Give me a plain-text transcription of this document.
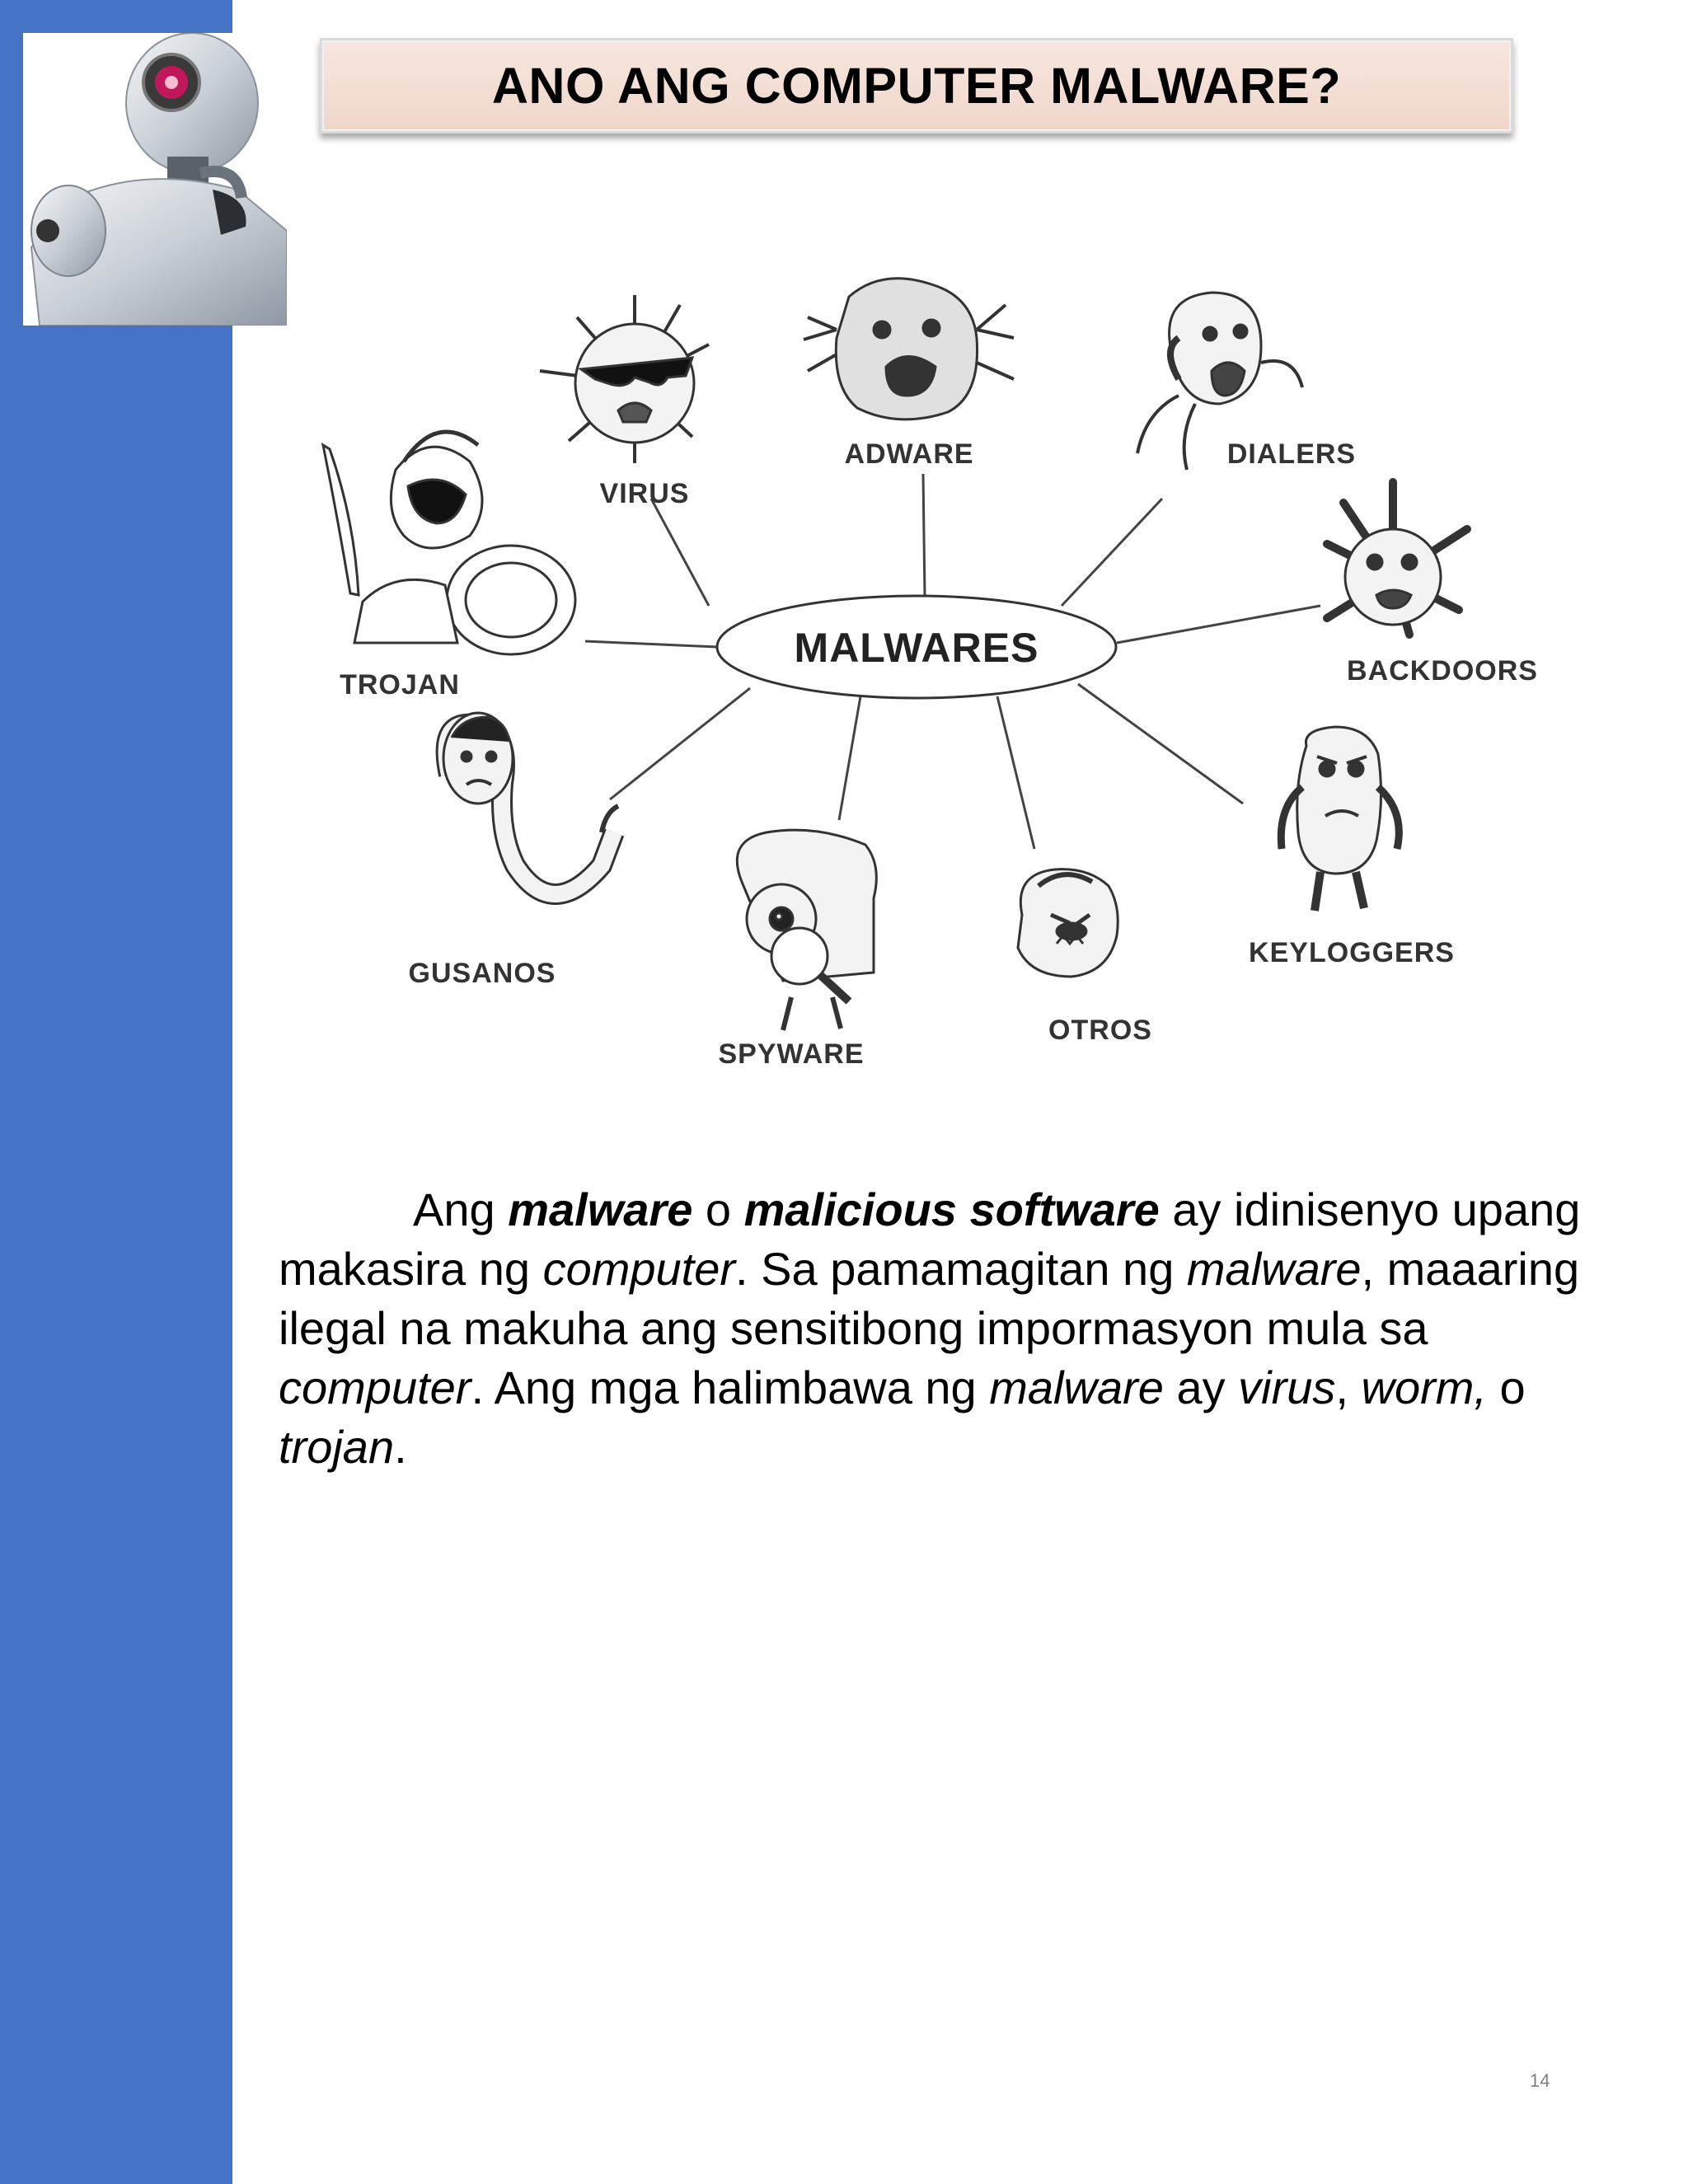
ANO ANG COMPUTER MALWARE?
MALWARES
VIRUS
ADWARE	DIALERS
TROJAN	BACKDOORS
GUSANOS
SPYWARE
OTROS
KEYLOGGERS

Ang malware o malicious software ay idinisenyo upang makasira ng computer. Sa pamamagitan ng malware, maaaring ilegal na makuha ang sensitibong impormasyon mula sa computer. Ang mga halimbawa ng malware ay virus, worm, o trojan.

14
